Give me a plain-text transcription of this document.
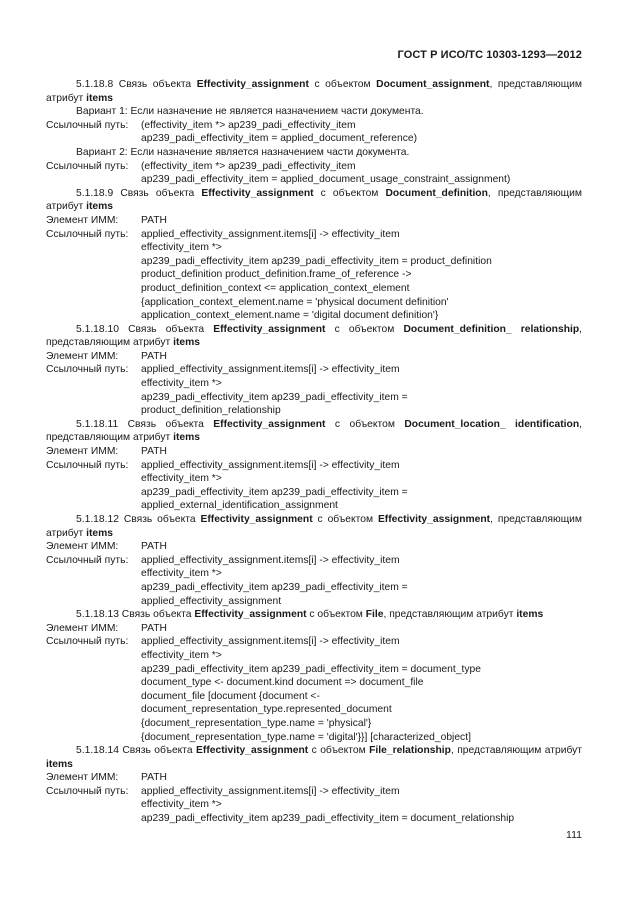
ГОСТ Р ИСО/ТС 10303-1293—2012
5.1.18.8 Связь объекта Effectivity_assignment с объектом Document_assignment, представляющим атрибут items
Вариант 1: Если назначение не является назначением части документа.
Ссылочный путь:	(effectivity_item *> ap239_padi_effectivity_item
ap239_padi_effectivity_item = applied_document_reference)
Вариант 2: Если назначение является назначением части документа.
Ссылочный путь:	(effectivity_item *> ap239_padi_effectivity_item
ap239_padi_effectivity_item = applied_document_usage_constraint_assignment)
5.1.18.9 Связь объекта Effectivity_assignment с объектом Document_definition, представляющим атрибут items
Элемент ИММ:	PATH
Ссылочный путь:	applied_effectivity_assignment.items[i] -> effectivity_item
effectivity_item *>
ap239_padi_effectivity_item ap239_padi_effectivity_item = product_definition
product_definition product_definition.frame_of_reference ->
product_definition_context <= application_context_element
{application_context_element.name = 'physical document definition'
application_context_element.name = 'digital document definition'}
5.1.18.10 Связь объекта Effectivity_assignment с объектом Document_definition_ relationship, представляющим атрибут items
Элемент ИММ:	PATH
Ссылочный путь:	applied_effectivity_assignment.items[i] -> effectivity_item
effectivity_item *>
ap239_padi_effectivity_item ap239_padi_effectivity_item =
product_definition_relationship
5.1.18.11 Связь объекта Effectivity_assignment с объектом Document_location_ identification, представляющим атрибут items
Элемент ИММ:	PATH
Ссылочный путь:	applied_effectivity_assignment.items[i] -> effectivity_item
effectivity_item *>
ap239_padi_effectivity_item ap239_padi_effectivity_item =
applied_external_identification_assignment
5.1.18.12 Связь объекта Effectivity_assignment с объектом Effectivity_assignment, представляющим атрибут items
Элемент ИММ:	PATH
Ссылочный путь:	applied_effectivity_assignment.items[i] -> effectivity_item
effectivity_item *>
ap239_padi_effectivity_item ap239_padi_effectivity_item =
applied_effectivity_assignment
5.1.18.13 Связь объекта Effectivity_assignment с объектом File, представляющим атрибут items
Элемент ИММ:	PATH
Ссылочный путь:	applied_effectivity_assignment.items[i] -> effectivity_item
effectivity_item *>
ap239_padi_effectivity_item ap239_padi_effectivity_item = document_type
document_type <- document.kind document => document_file
document_file [document {document <-
document_representation_type.represented_document
{document_representation_type.name = 'physical'}
{document_representation_type.name = 'digital'}}] [characterized_object]
5.1.18.14 Связь объекта Effectivity_assignment с объектом File_relationship, представляющим атрибут items
Элемент ИММ:	PATH
Ссылочный путь:	applied_effectivity_assignment.items[i] -> effectivity_item
effectivity_item *>
ap239_padi_effectivity_item ap239_padi_effectivity_item = document_relationship
111
